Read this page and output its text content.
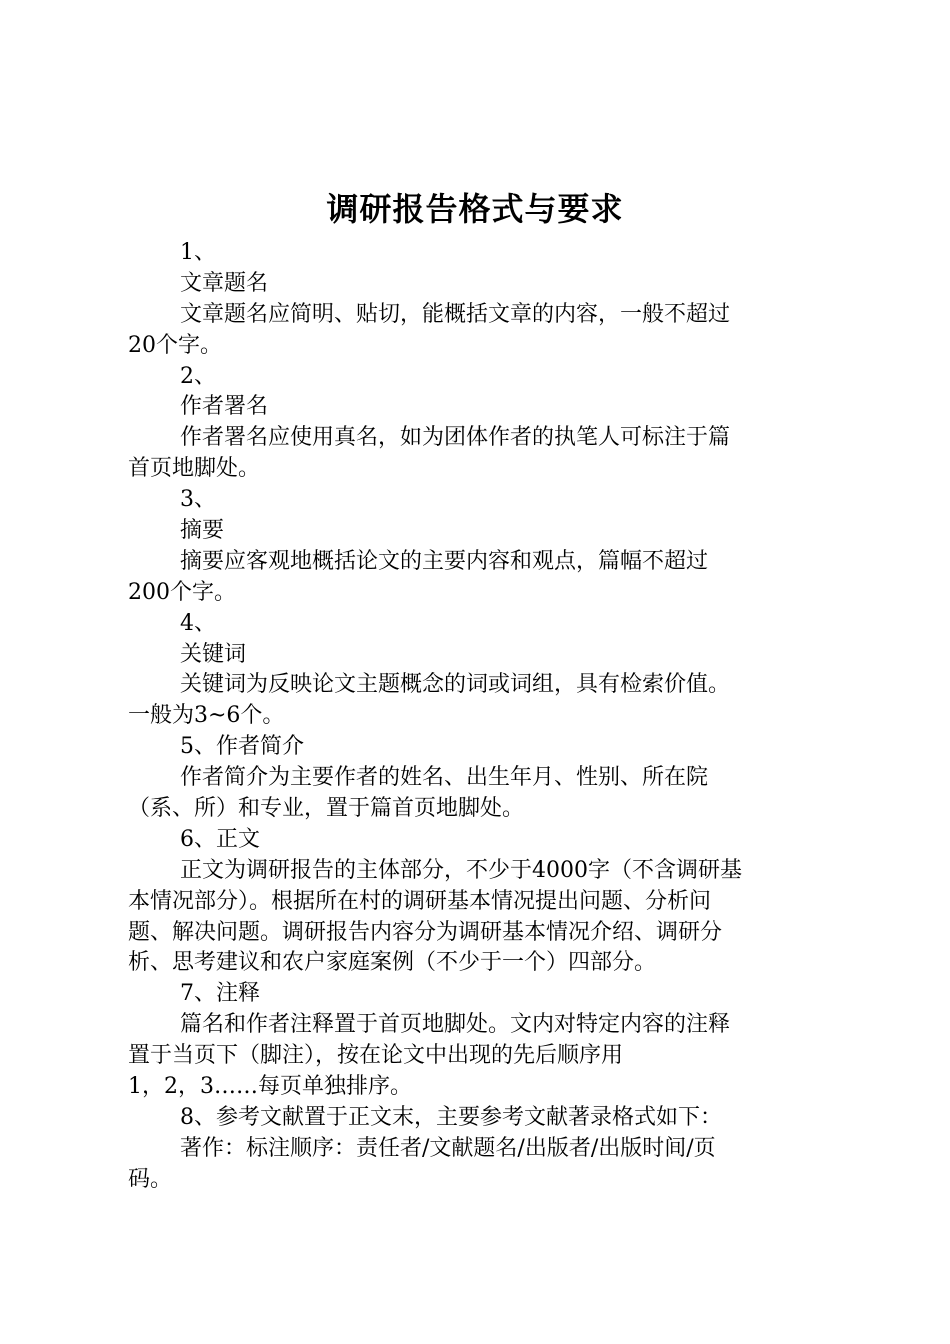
调研报告格式与要求
1、
文章题名
文章题名应简明、贴切，能概括文章的内容，一般不超过
20个字。
2、
作者署名
作者署名应使用真名，如为团体作者的执笔人可标注于篇
首页地脚处。
3、
摘要
摘要应客观地概括论文的主要内容和观点，篇幅不超过
200个字。
4、
关键词
关键词为反映论文主题概念的词或词组，具有检索价值。
一般为3~6个。
5、作者简介
作者简介为主要作者的姓名、出生年月、性别、所在院
（系、所）和专业，置于篇首页地脚处。
6、正文
正文为调研报告的主体部分，不少于4000字（不含调研基
本情况部分）。根据所在村的调研基本情况提出问题、分析问
题、解决问题。调研报告内容分为调研基本情况介绍、调研分
析、思考建议和农户家庭案例（不少于一个）四部分。
7、注释
篇名和作者注释置于首页地脚处。文内对特定内容的注释
置于当页下（脚注），按在论文中出现的先后顺序用
1，2，3……每页单独排序。
8、参考文献置于正文末，主要参考文献著录格式如下：
著作：标注顺序：责任者/文献题名/出版者/出版时间/页
码。
